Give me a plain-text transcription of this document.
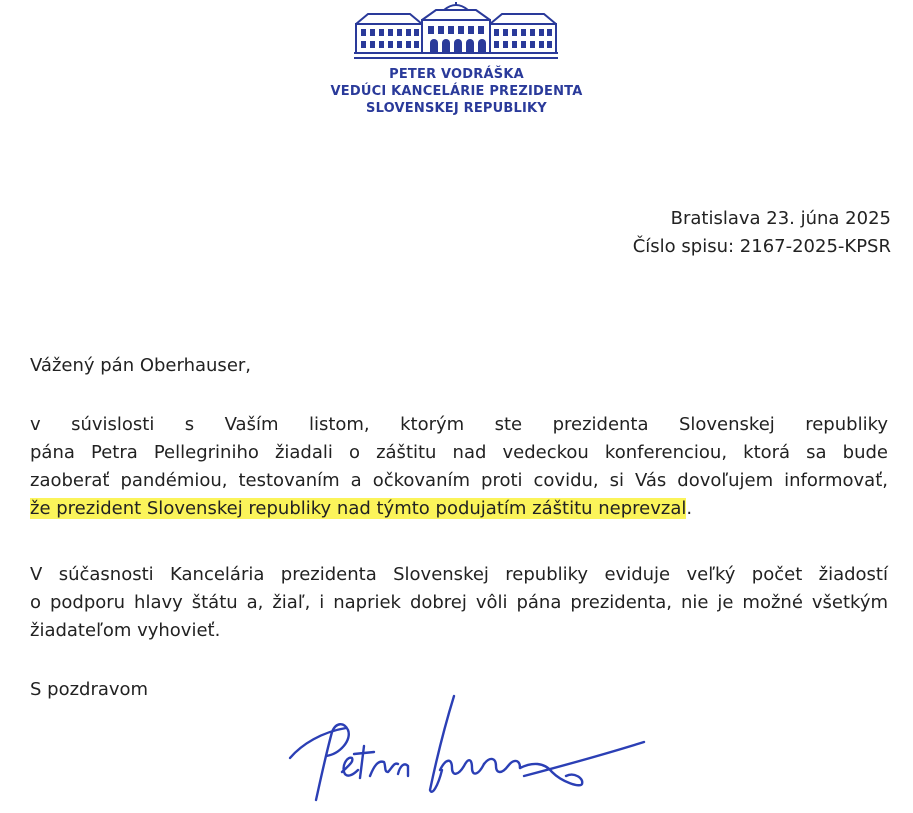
PETER VODRÁŠKA
VEDÚCI KANCELÁRIE PREZIDENTA
SLOVENSKEJ REPUBLIKY
Bratislava 23. júna 2025
Číslo spisu: 2167-2025-KPSR
Vážený pán Oberhauser,
v súvislosti s Vaším listom, ktorým ste prezidenta Slovenskej republiky
pána Petra Pellegriniho žiadali o záštitu nad vedeckou konferenciou, ktorá sa bude
zaoberať pandémiou, testovaním a očkovaním proti covidu, si Vás dovoľujem informovať,
že prezident Slovenskej republiky nad týmto podujatím záštitu neprevzal.
V súčasnosti Kancelária prezidenta Slovenskej republiky eviduje veľký počet žiadostí
o podporu hlavy štátu a, žiaľ, i napriek dobrej vôli pána prezidenta, nie je možné všetkým
žiadateľom vyhovieť.
S pozdravom
